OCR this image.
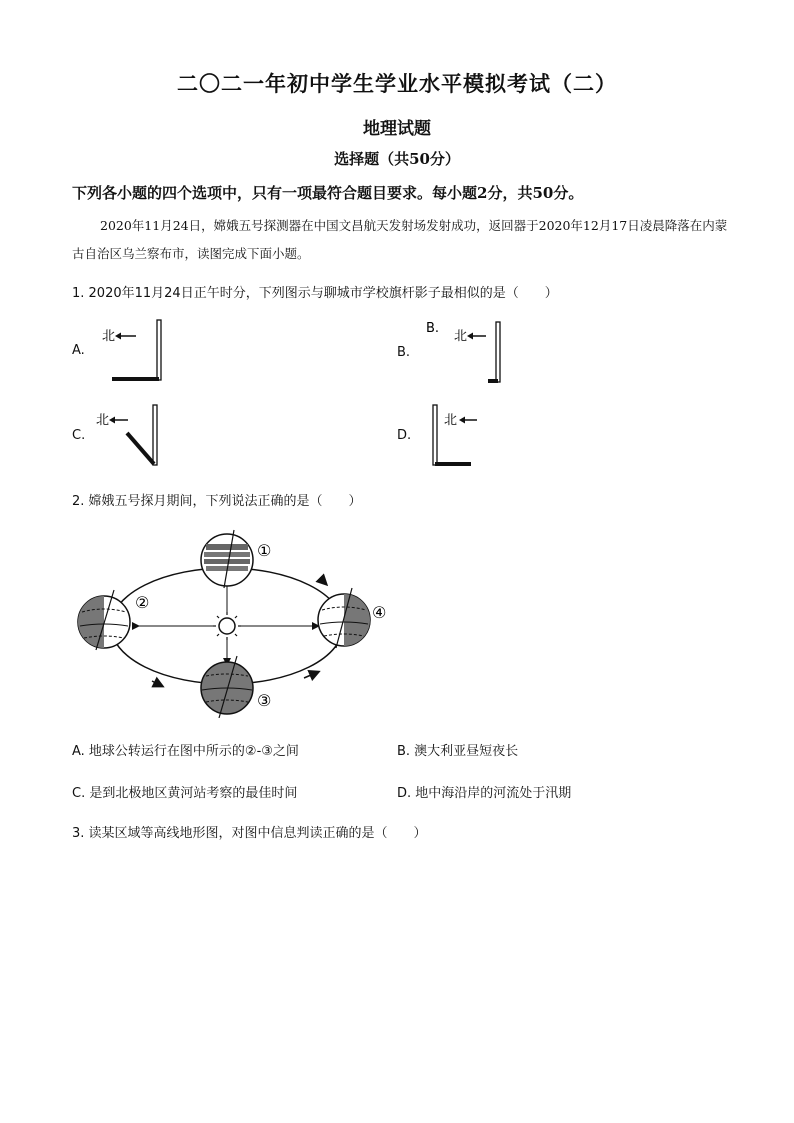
二〇二一年初中学生学业水平模拟考试（二）
地理试题
选择题（共50分）
下列各小题的四个选项中，只有一项最符合题目要求。每小题2分，共50分。
2020年11月24日，嫦娥五号探测器在中国文昌航天发射场发射成功，返回器于2020年12月17日凌晨降落在内蒙古自治区乌兰察布市，读图完成下面小题。
1. 2020年11月24日正午时分，下列图示与聊城市学校旗杆影子最相似的是（　　）
A.
北
B.
B.
北
C.
北
D.
北
2. 嫦娥五号探月期间，下列说法正确的是（　　）
①
②
③
④
A. 地球公转运行在图中所示的②-③之间	B. 澳大利亚昼短夜长
C. 是到北极地区黄河站考察的最佳时间	D. 地中海沿岸的河流处于汛期
3. 读某区域等高线地形图，对图中信息判读正确的是（　　）
